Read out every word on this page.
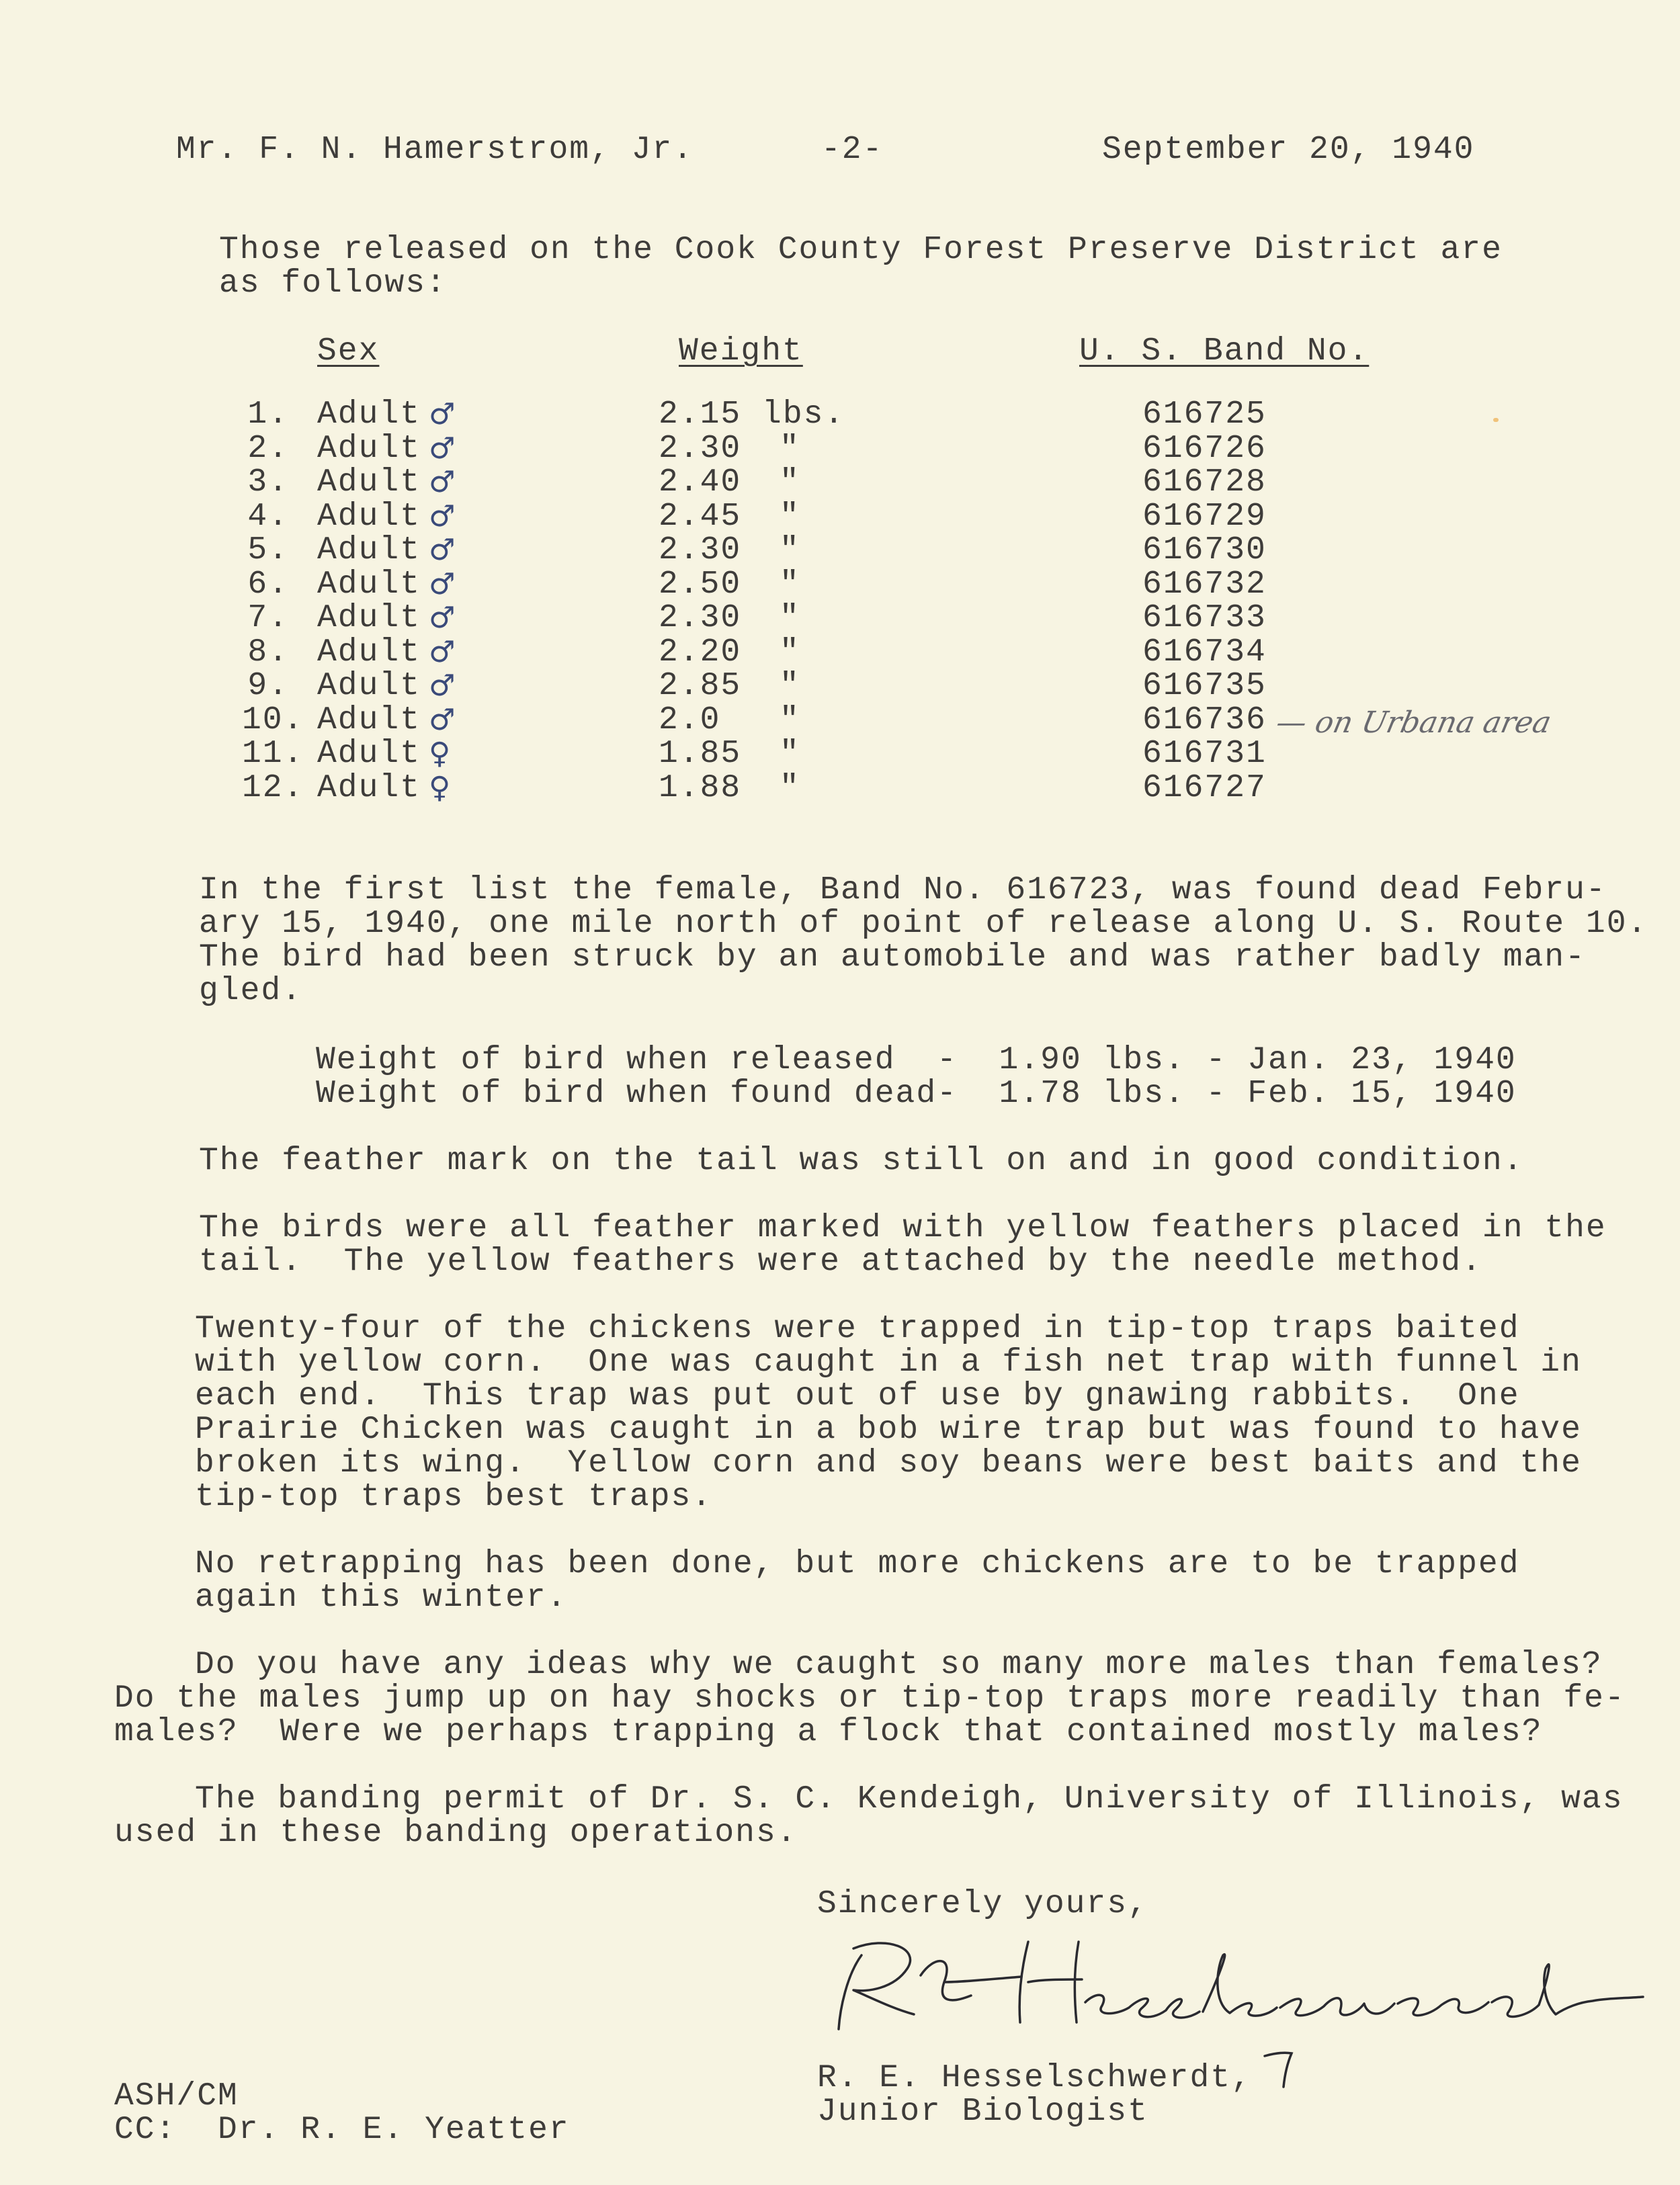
Mr. F. N. Hamerstrom, Jr.	-2-	September 20, 1940
Those released on the Cook County Forest Preserve District are
as follows:
Sex	Weight	U. S. Band No.
1. Adult ♂	2.15 lbs.	616725
2. Adult ♂	2.30 "	616726
3. Adult ♂	2.40 "	616728
4. Adult ♂	2.45 "	616729
5. Adult ♂	2.30 "	616730
6. Adult ♂	2.50 "	616732
7. Adult ♂	2.30 "	616733
8. Adult ♂	2.20 "	616734
9. Adult ♂	2.85 "	616735
10. Adult ♂	2.0 "	616736
11. Adult ♀	1.85 "	616731
12. Adult ♀	1.88 "	616727
— on Urbana area
In the first list the female, Band No. 616723, was found dead Febru-
ary 15, 1940, one mile north of point of release along U. S. Route 10.
The bird had been struck by an automobile and was rather badly man-
gled.
Weight of bird when released  -  1.90 lbs. - Jan. 23, 1940
Weight of bird when found dead-  1.78 lbs. - Feb. 15, 1940
The feather mark on the tail was still on and in good condition.
The birds were all feather marked with yellow feathers placed in the
tail.  The yellow feathers were attached by the needle method.
Twenty-four of the chickens were trapped in tip-top traps baited
with yellow corn.  One was caught in a fish net trap with funnel in
each end.  This trap was put out of use by gnawing rabbits.  One
Prairie Chicken was caught in a bob wire trap but was found to have
broken its wing.  Yellow corn and soy beans were best baits and the
tip-top traps best traps.
No retrapping has been done, but more chickens are to be trapped
again this winter.
Do you have any ideas why we caught so many more males than females?
Do the males jump up on hay shocks or tip-top traps more readily than fe-
males?  Were we perhaps trapping a flock that contained mostly males?
The banding permit of Dr. S. C. Kendeigh, University of Illinois, was
used in these banding operations.
Sincerely yours,
R. E. Hesselschwerdt,
Junior Biologist
ASH/CM
CC:  Dr. R. E. Yeatter
